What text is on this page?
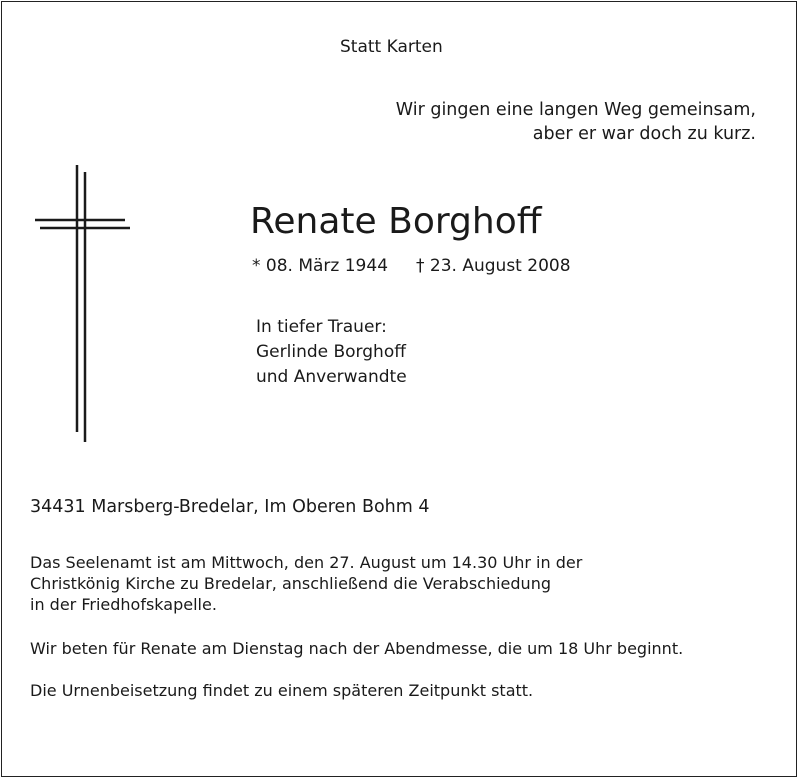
Statt Karten
Wir gingen eine langen Weg gemeinsam,
aber er war doch zu kurz.
Renate Borghoff
* 08. März 1944 † 23. August 2008
In tiefer Trauer:
Gerlinde Borghoff
und Anverwandte
34431 Marsberg-Bredelar, Im Oberen Bohm 4
Das Seelenamt ist am Mittwoch, den 27. August um 14.30 Uhr in der
Christkönig Kirche zu Bredelar, anschließend die Verabschiedung
in der Friedhofskapelle.
Wir beten für Renate am Dienstag nach der Abendmesse, die um 18 Uhr beginnt.
Die Urnenbeisetzung findet zu einem späteren Zeitpunkt statt.
